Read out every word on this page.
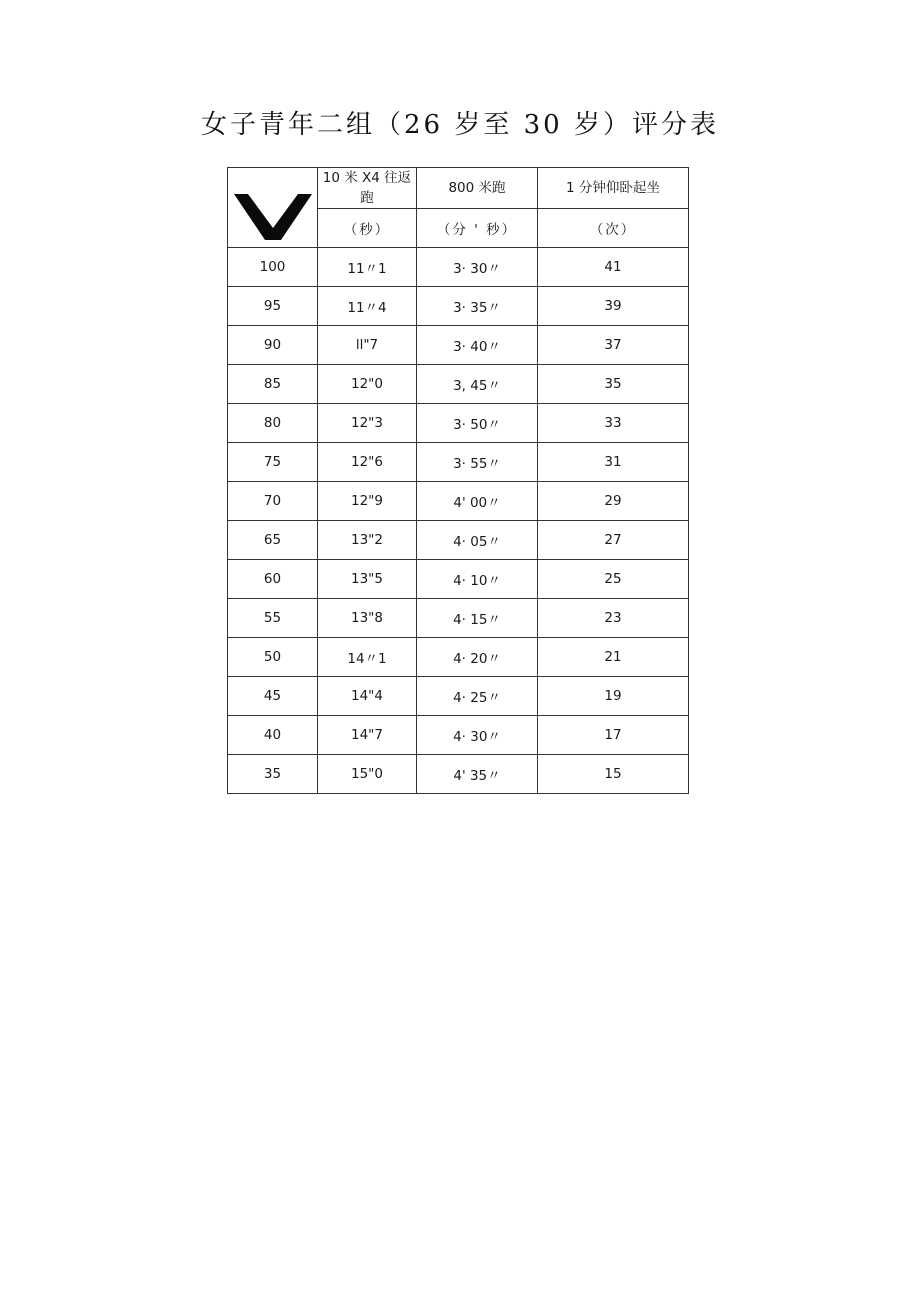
女子青年二组（26 岁至 30 岁）评分表
	10 米 X4 往返跑	800 米跑	1 分钟仰卧起坐
	（秒）	（分 ' 秒）	（次）
100	11〃1	3· 30〃	41
95	11〃4	3· 35〃	39
90	ll"7	3· 40〃	37
85	12"0	3, 45〃	35
80	12"3	3· 50〃	33
75	12"6	3· 55〃	31
70	12"9	4' 00〃	29
65	13"2	4· 05〃	27
60	13"5	4· 10〃	25
55	13"8	4· 15〃	23
50	14〃1	4· 20〃	21
45	14"4	4· 25〃	19
40	14"7	4· 30〃	17
35	15"0	4' 35〃	15
